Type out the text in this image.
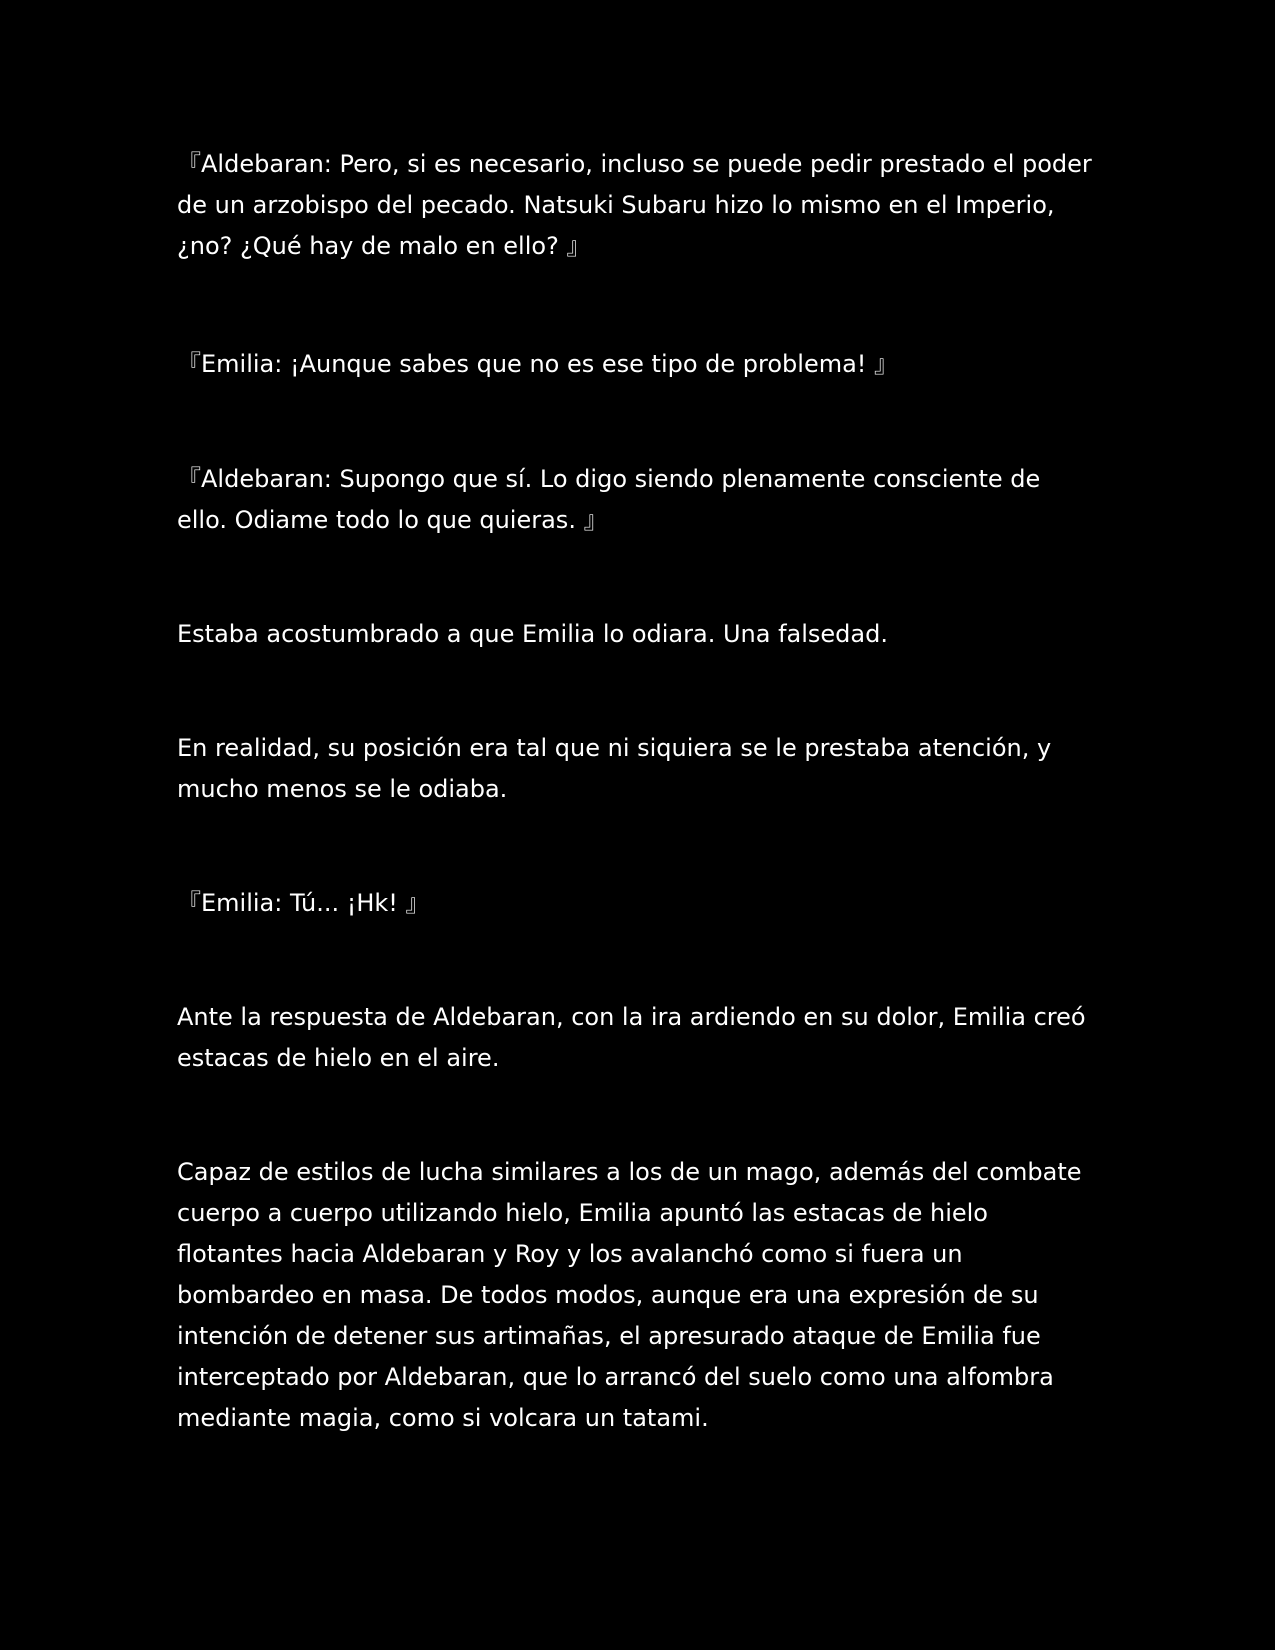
『Aldebaran: Pero, si es necesario, incluso se puede pedir prestado el poder de un arzobispo del pecado. Natsuki Subaru hizo lo mismo en el Imperio, ¿no? ¿Qué hay de malo en ello? 』

『Emilia: ¡Aunque sabes que no es ese tipo de problema! 』

『Aldebaran: Supongo que sí. Lo digo siendo plenamente consciente de ello. Odiame todo lo que quieras. 』

Estaba acostumbrado a que Emilia lo odiara. Una falsedad.

En realidad, su posición era tal que ni siquiera se le prestaba atención, y mucho menos se le odiaba.

『Emilia: Tú... ¡Hk! 』

Ante la respuesta de Aldebaran, con la ira ardiendo en su dolor, Emilia creó estacas de hielo en el aire.

Capaz de estilos de lucha similares a los de un mago, además del combate cuerpo a cuerpo utilizando hielo, Emilia apuntó las estacas de hielo flotantes hacia Aldebaran y Roy y los avalanchó como si fuera un bombardeo en masa. De todos modos, aunque era una expresión de su intención de detener sus artimañas, el apresurado ataque de Emilia fue interceptado por Aldebaran, que lo arrancó del suelo como una alfombra mediante magia, como si volcara un tatami.
